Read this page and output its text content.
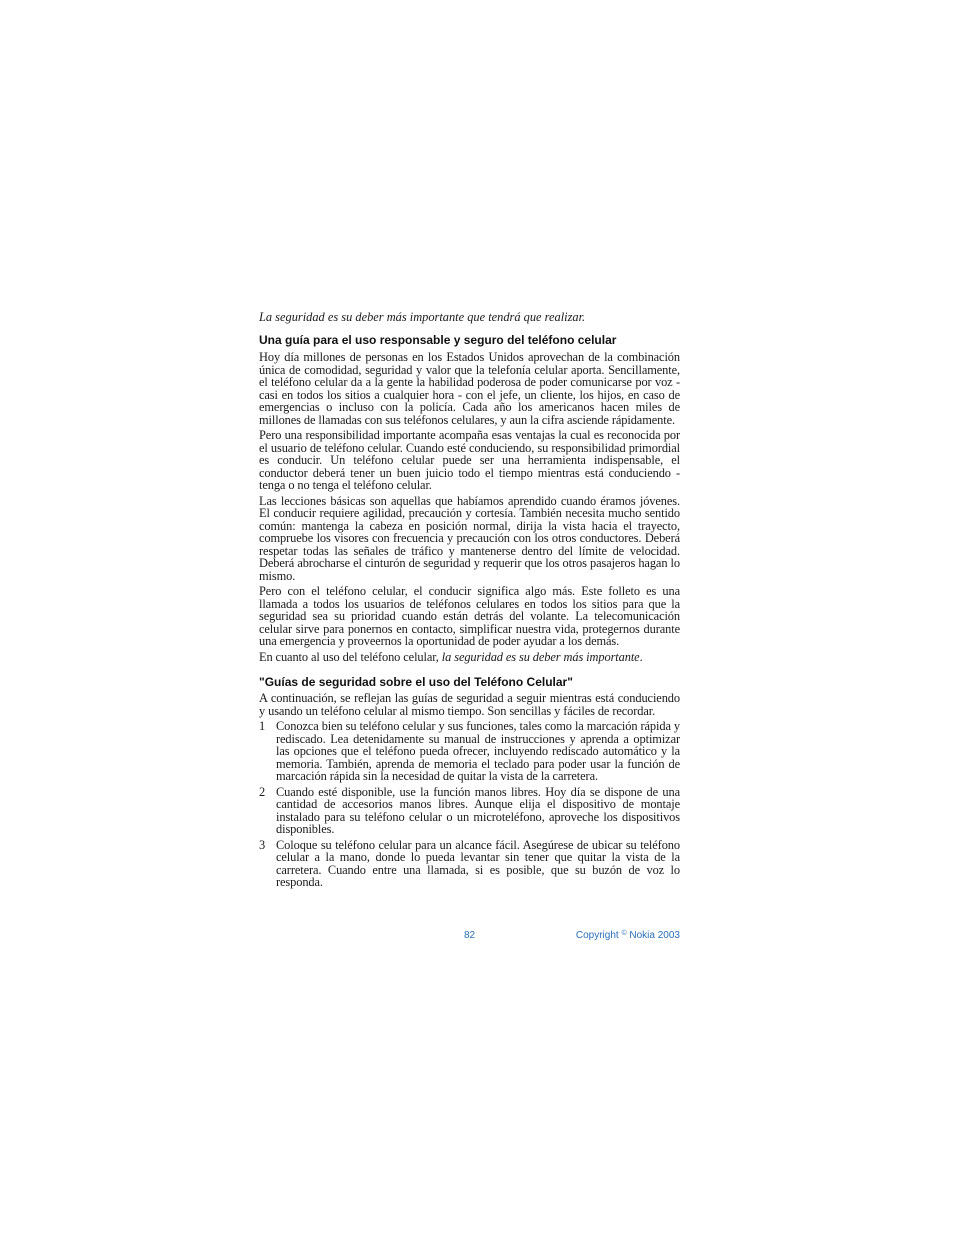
La seguridad es su deber más importante que tendrá que realizar.

Una guía para el uso responsable y seguro del teléfono celular

Hoy día millones de personas en los Estados Unidos aprovechan de la combinación única de comodidad, seguridad y valor que la telefonía celular aporta. Sencillamente, el teléfono celular da a la gente la habilidad poderosa de poder comunicarse por voz - casi en todos los sitios a cualquier hora - con el jefe, un cliente, los hijos, en caso de emergencias o incluso con la policía. Cada año los americanos hacen miles de millones de llamadas con sus teléfonos celulares, y aun la cifra asciende rápidamente.

Pero una responsibilidad importante acompaña esas ventajas la cual es reconocida por el usuario de teléfono celular. Cuando esté conduciendo, su responsibilidad primordial es conducir. Un teléfono celular puede ser una herramienta indispensable, el conductor deberá tener un buen juicio todo el tiempo mientras está conduciendo - tenga o no tenga el teléfono celular.

Las lecciones básicas son aquellas que habíamos aprendido cuando éramos jóvenes. El conducir requiere agilidad, precaución y cortesía. También necesita mucho sentido común: mantenga la cabeza en posición normal, dirija la vista hacia el trayecto, compruebe los visores con frecuencia y precaución con los otros conductores. Deberá respetar todas las señales de tráfico y mantenerse dentro del límite de velocidad. Deberá abrocharse el cinturón de seguridad y requerir que los otros pasajeros hagan lo mismo.

Pero con el teléfono celular, el conducir significa algo más. Este folleto es una llamada a todos los usuarios de teléfonos celulares en todos los sitios para que la seguridad sea su prioridad cuando están detrás del volante. La telecomunicación celular sirve para ponernos en contacto, simplificar nuestra vida, protegernos durante una emergencia y proveernos la oportunidad de poder ayudar a los demás.

En cuanto al uso del teléfono celular, la seguridad es su deber más importante.

"Guías de seguridad sobre el uso del Teléfono Celular"

A continuación, se reflejan las guías de seguridad a seguir mientras está conduciendo y usando un teléfono celular al mismo tiempo. Son sencillas y fáciles de recordar.

1 Conozca bien su teléfono celular y sus funciones, tales como la marcación rápida y rediscado. Lea detenidamente su manual de instrucciones y aprenda a optimizar las opciones que el teléfono pueda ofrecer, incluyendo rediscado automático y la memoria. También, aprenda de memoria el teclado para poder usar la función de marcación rápida sin la necesidad de quitar la vista de la carretera.

2 Cuando esté disponible, use la función manos libres. Hoy día se dispone de una cantidad de accesorios manos libres. Aunque elija el dispositivo de montaje instalado para su teléfono celular o un microteléfono, aproveche los dispositivos disponibles.

3 Coloque su teléfono celular para un alcance fácil. Asegúrese de ubicar su teléfono celular a la mano, donde lo pueda levantar sin tener que quitar la vista de la carretera. Cuando entre una llamada, si es posible, que su buzón de voz lo responda.

82	Copyright © Nokia 2003
